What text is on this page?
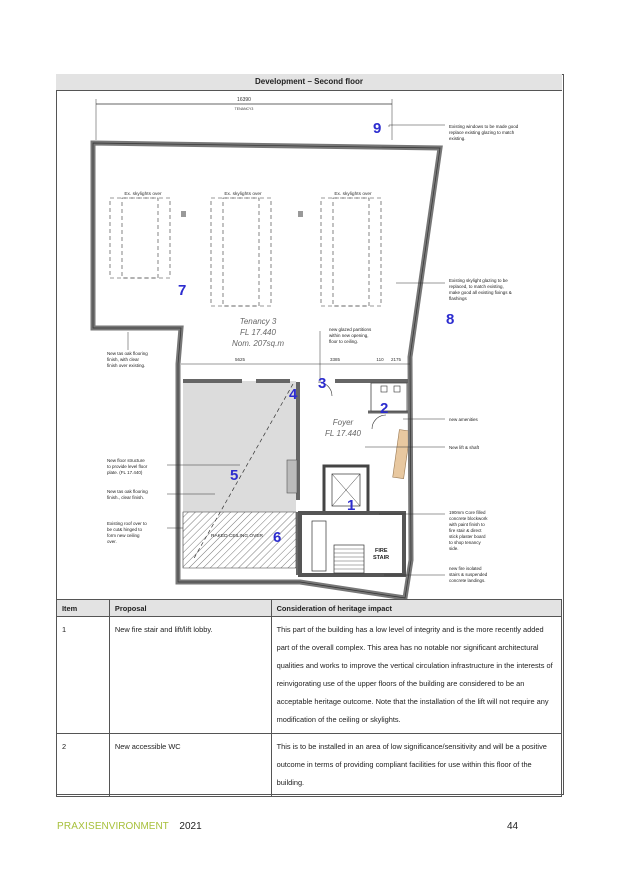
Development – Second floor
16390
TENANCY3
FIRE
STAIR
Ex. skylights over	Ex. skylights over	Ex. skylights over
Tenancy 3
FL 17.440
Nom. 207sq.m
Foyer
FL 17.440
RAKED CEILING OVER
5625	3385	110 2175
Existing windows to be made good
replace existing glazing to match
existing.
Existing skylight glazing to be
replaced, to match existing,
make good all existing fixings &
flashings
new glazed partitions
within new opening,
floor to ceiling.
new amenities
New lift & shaft
190mm Core filled
concrete blockwork
with paint finish to
fire stair & direct
stick plaster board
to shop tenancy
side.
new fire isolated
stairs & suspended
concrete landings.
New tas oak flooring
finish, with clear
finish over existing.
New floor structure
to provide level floor
plate. (FL 17.440)
New tas oak flooring
finish., clear finish.
Existing roof over to
be cut& hinged to
form new ceiling
over.
1
2
3
4
5
6
7
8
9
Item	Proposal	Consideration of heritage impact
1	New fire stair and lift/lift lobby.	This part of the building has a low level of integrity and is the more recently added part of the overall complex. This area has no notable nor significant architectural qualities and works to improve the vertical circulation infrastructure in the interests of reinvigorating use of the upper floors of the building are considered to be an acceptable heritage outcome. Note that the installation of the lift will not require any modification of the ceiling or skylights.
2	New accessible WC	This is to be installed in an area of low significance/sensitivity and will be a positive outcome in terms of providing compliant facilities for use within this floor of the building.
PRAXISENVIRONMENT 2021	44
